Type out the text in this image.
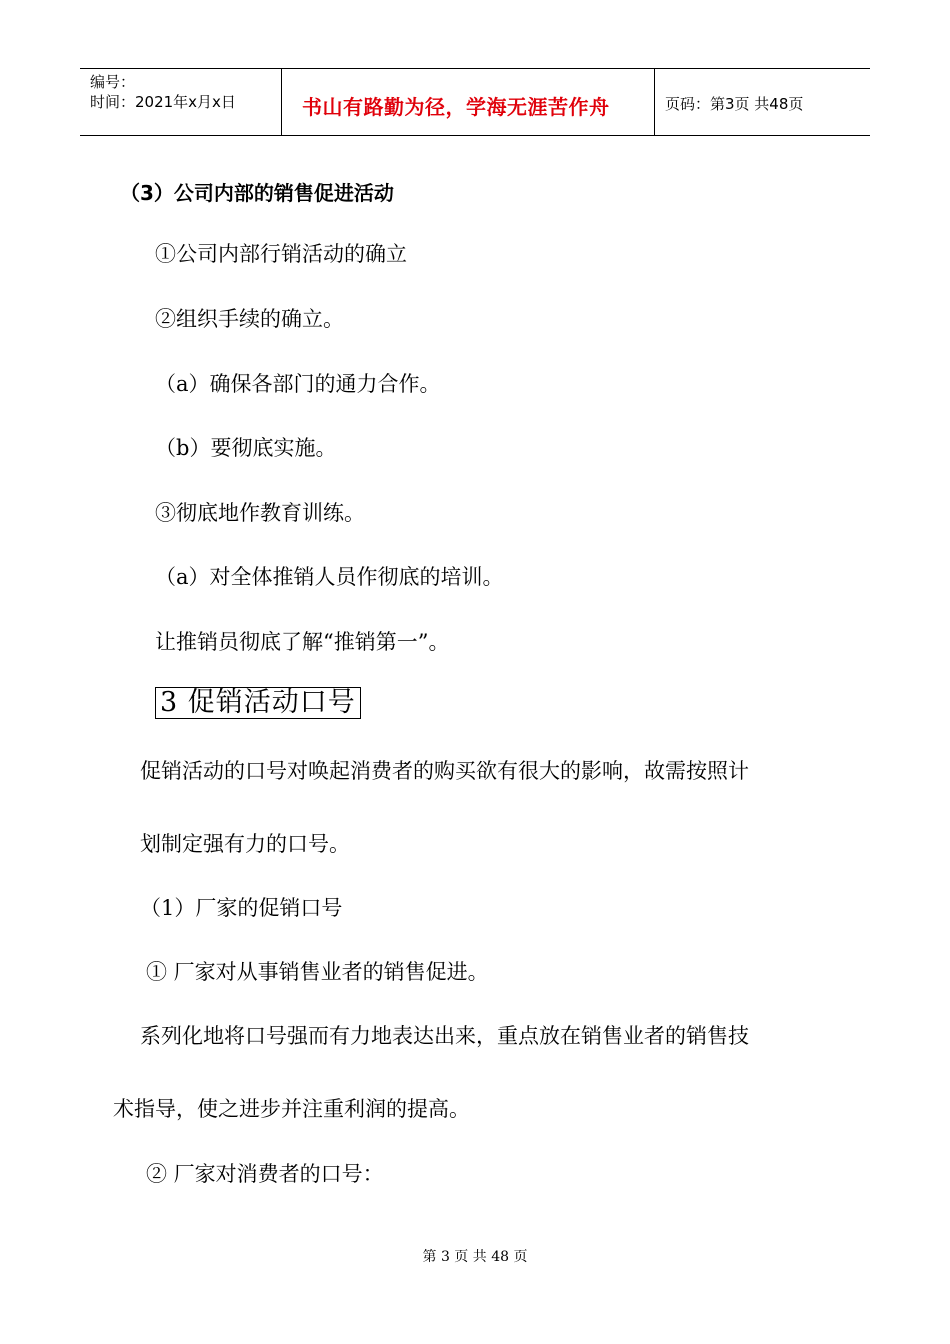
编号：
时间：2021年x月x日	书山有路勤为径，学海无涯苦作舟	页码：第3页 共48页
（3）公司内部的销售促进活动
①公司内部行销活动的确立
②组织手续的确立。
（a）确保各部门的通力合作。
（b）要彻底实施。
③彻底地作教育训练。
（a）对全体推销人员作彻底的培训。
让推销员彻底了解“推销第一”。
3 促销活动口号
促销活动的口号对唤起消费者的购买欲有很大的影响，故需按照计
划制定强有力的口号。
（1）厂家的促销口号
① 厂家对从事销售业者的销售促进。
系列化地将口号强而有力地表达出来，重点放在销售业者的销售技
术指导，使之进步并注重利润的提高。
② 厂家对消费者的口号：
第 3 页 共 48 页
